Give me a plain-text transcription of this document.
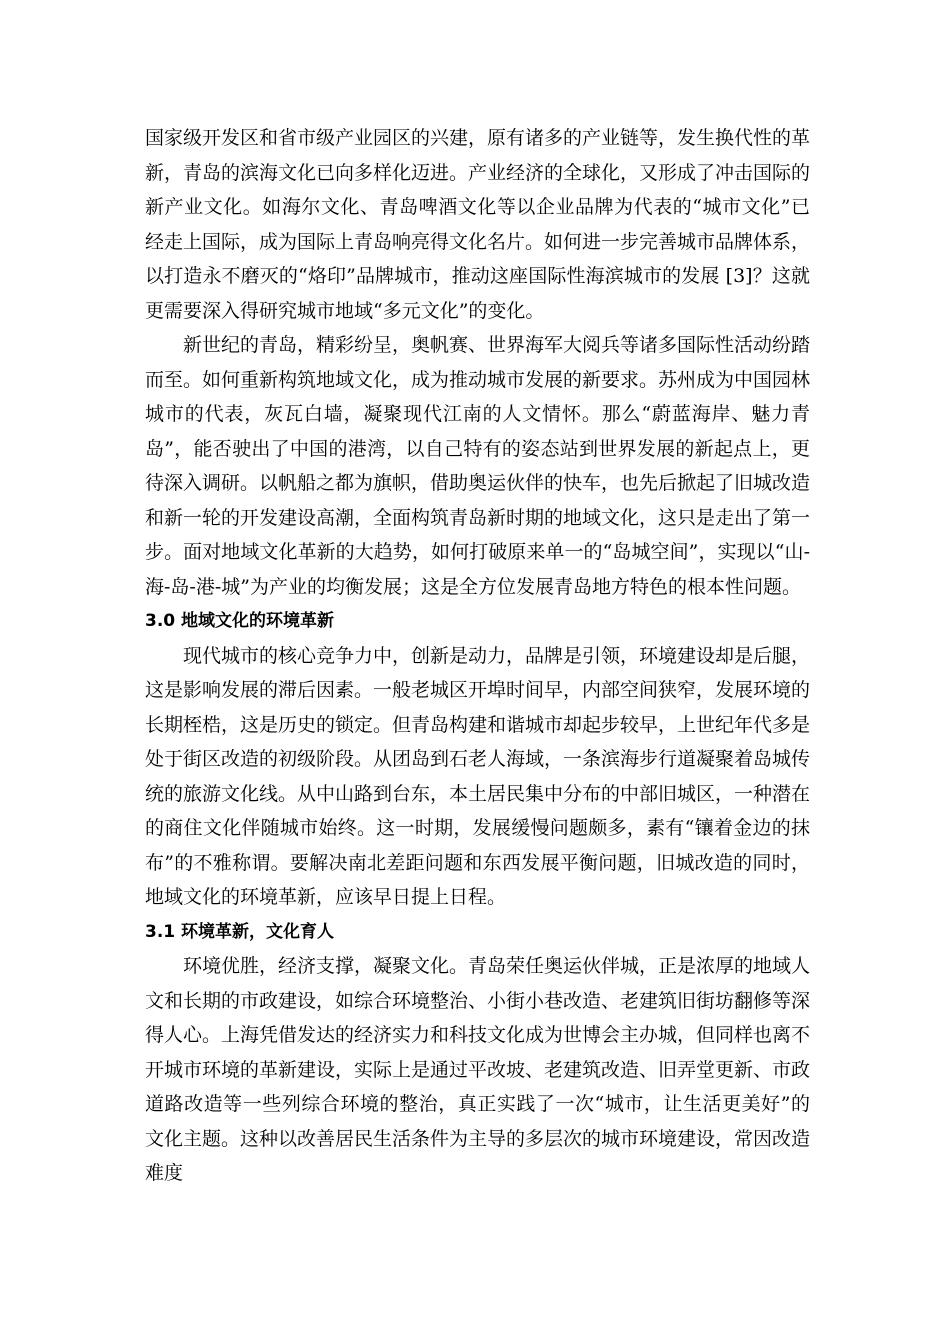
国家级开发区和省市级产业园区的兴建，原有诸多的产业链等，发生换代性的革新，青岛的滨海文化已向多样化迈进。产业经济的全球化，又形成了冲击国际的新产业文化。如海尔文化、青岛啤酒文化等以企业品牌为代表的“城市文化”已经走上国际，成为国际上青岛响亮得文化名片。如何进一步完善城市品牌体系，以打造永不磨灭的“烙印”品牌城市，推动这座国际性海滨城市的发展 [3]？这就更需要深入得研究城市地域“多元文化”的变化。

新世纪的青岛，精彩纷呈，奥帆赛、世界海军大阅兵等诸多国际性活动纷踏而至。如何重新构筑地域文化，成为推动城市发展的新要求。苏州成为中国园林城市的代表，灰瓦白墙，凝聚现代江南的人文情怀。那么“蔚蓝海岸、魅力青岛”，能否驶出了中国的港湾，以自己特有的姿态站到世界发展的新起点上，更待深入调研。以帆船之都为旗帜，借助奥运伙伴的快车，也先后掀起了旧城改造和新一轮的开发建设高潮，全面构筑青岛新时期的地域文化，这只是走出了第一步。面对地域文化革新的大趋势，如何打破原来单一的“岛城空间”，实现以“山-海-岛-港-城”为产业的均衡发展；这是全方位发展青岛地方特色的根本性问题。

3.0 地域文化的环境革新

现代城市的核心竞争力中，创新是动力，品牌是引领，环境建设却是后腿，这是影响发展的滞后因素。一般老城区开埠时间早，内部空间狭窄，发展环境的长期桎梏，这是历史的锁定。但青岛构建和谐城市却起步较早，上世纪年代多是处于街区改造的初级阶段。从团岛到石老人海域，一条滨海步行道凝聚着岛城传统的旅游文化线。从中山路到台东，本土居民集中分布的中部旧城区，一种潜在的商住文化伴随城市始终。这一时期，发展缓慢问题颇多，素有“镶着金边的抹布”的不雅称谓。要解决南北差距问题和东西发展平衡问题，旧城改造的同时，地域文化的环境革新，应该早日提上日程。

3.1 环境革新，文化育人

环境优胜，经济支撑，凝聚文化。青岛荣任奥运伙伴城，正是浓厚的地域人文和长期的市政建设，如综合环境整治、小街小巷改造、老建筑旧街坊翻修等深得人心。上海凭借发达的经济实力和科技文化成为世博会主办城，但同样也离不开城市环境的革新建设，实际上是通过平改坡、老建筑改造、旧弄堂更新、市政道路改造等一些列综合环境的整治，真正实践了一次“城市，让生活更美好”的文化主题。这种以改善居民生活条件为主导的多层次的城市环境建设，常因改造难度
